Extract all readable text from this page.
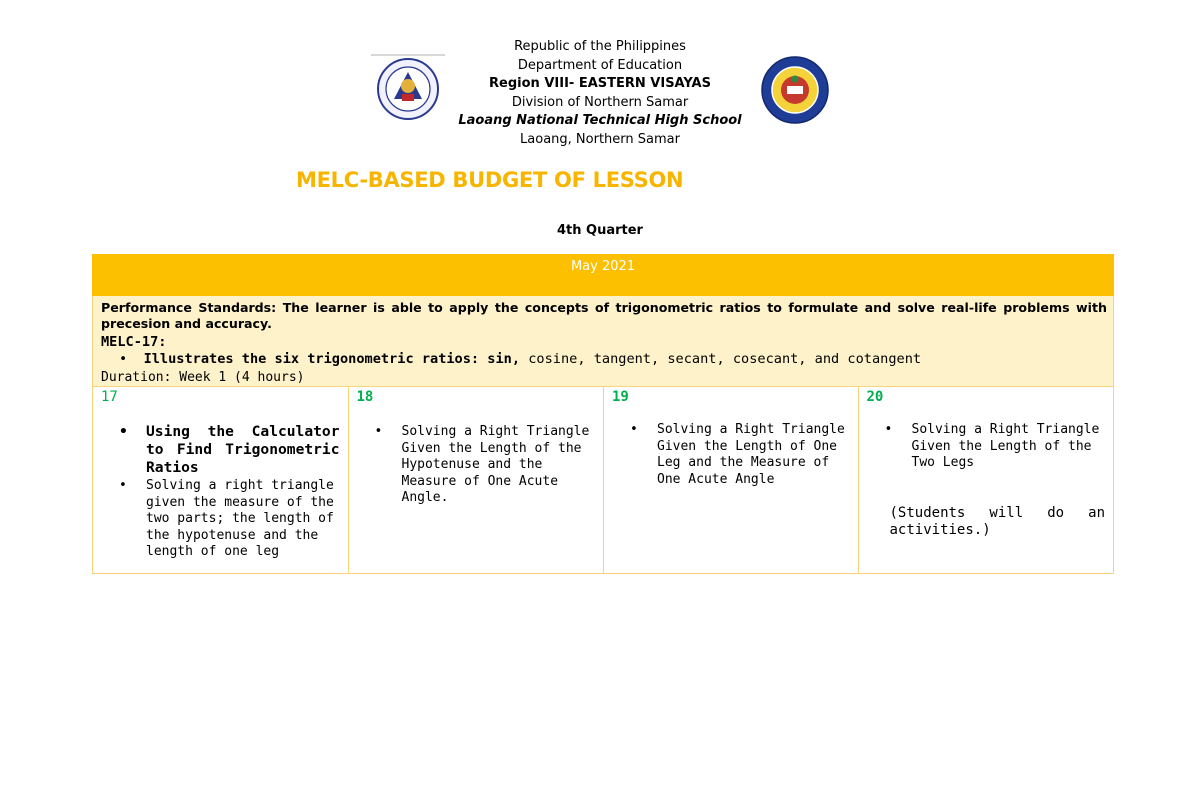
Republic of the Philippines
Department of Education
Region VIII- EASTERN VISAYAS
Division of Northern Samar
Laoang National Technical High School
Laoang, Northern Samar
MELC-BASED BUDGET OF LESSON
4th Quarter
May 2021
Performance Standards: The learner is able to apply the concepts of trigonometric ratios to formulate and solve real-life problems with precesion and accuracy.
MELC-17:
• Illustrates the six trigonometric ratios: sin, cosine, tangent, secant, cosecant, and cotangent
Duration: Week 1 (4 hours)
17
• Using the Calculator to Find Trigonometric Ratios
• Solving a right triangle given the measure of the two parts; the length of the hypotenuse and the length of one leg
18
• Solving a Right Triangle Given the Length of the Hypotenuse and the Measure of One Acute Angle.
19
• Solving a Right Triangle Given the Length of One Leg and the Measure of One Acute Angle
20
• Solving a Right Triangle Given the Length of the Two Legs
(Students will do an activities.)
